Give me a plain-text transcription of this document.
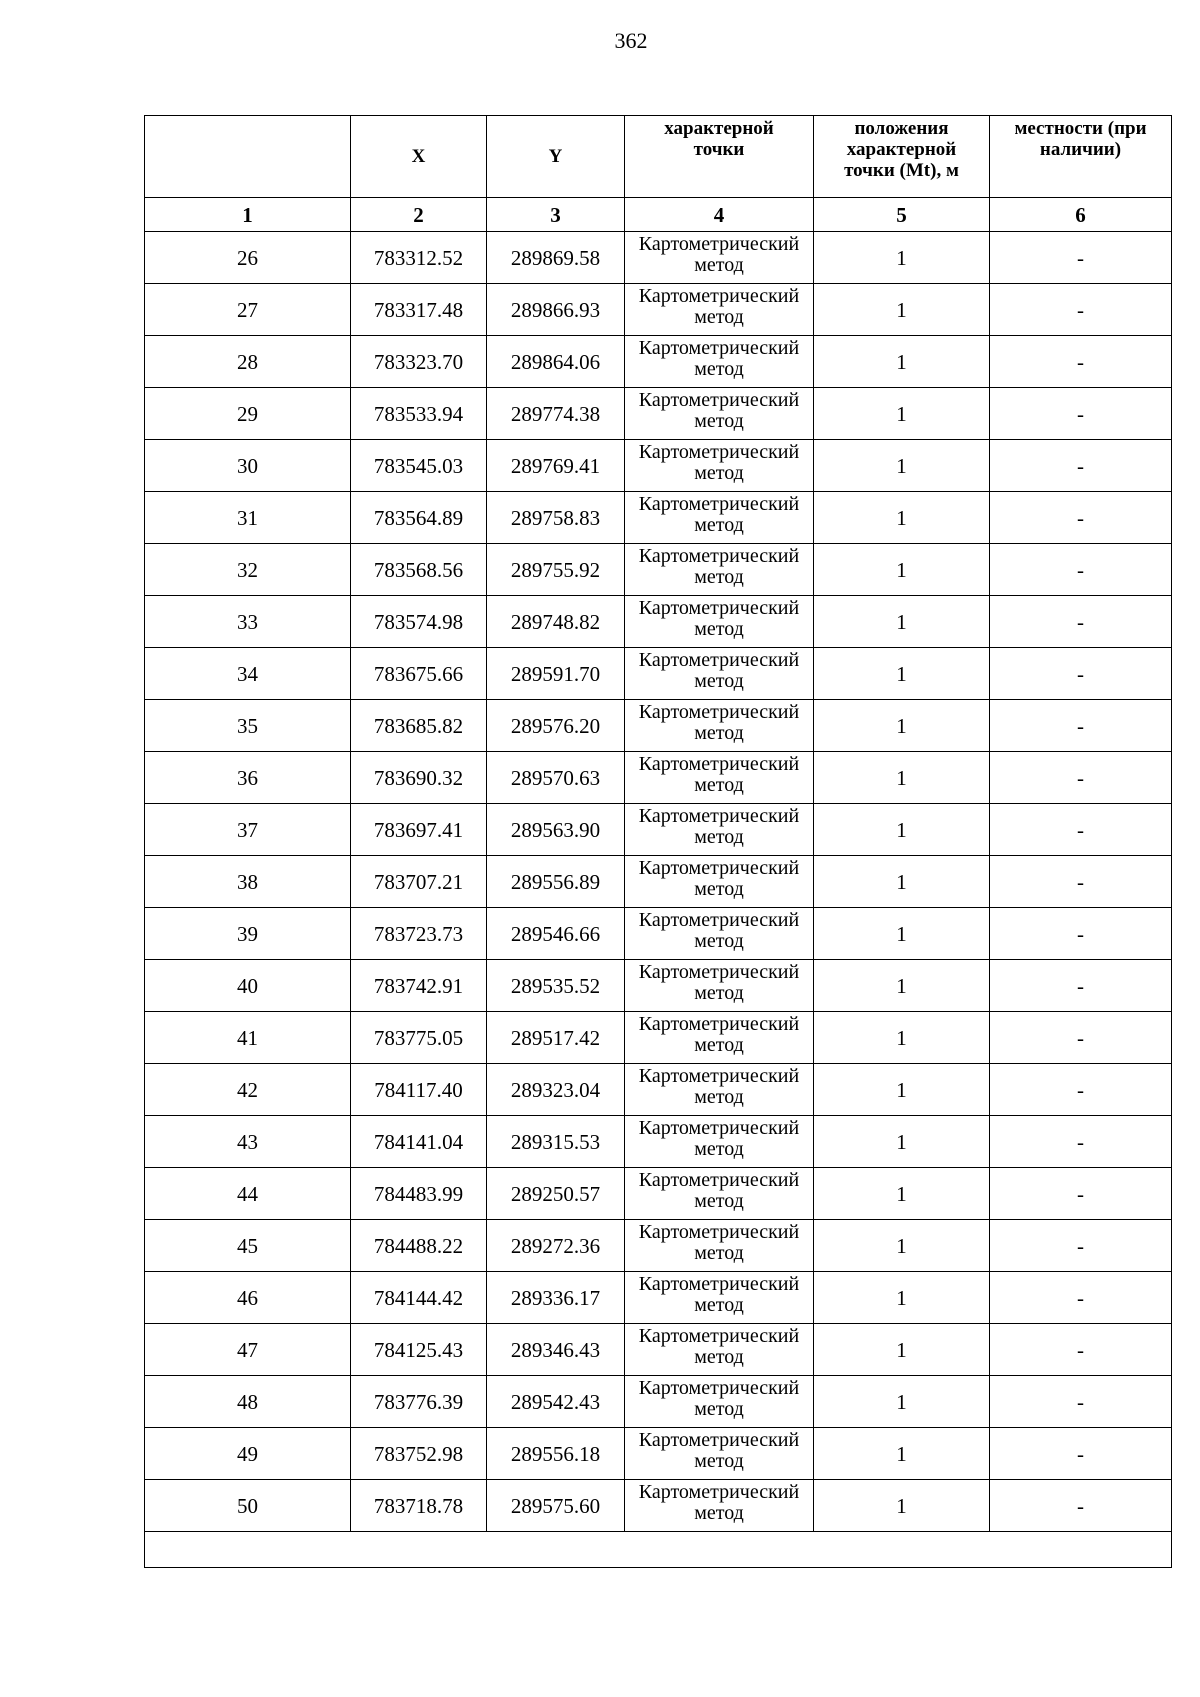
362
	X	Y	характерной
точки	положения
характерной
точки (Mt), м	местности (при
наличии)
1	2	3	4	5	6
26	783312.52	289869.58	Картометрический
метод	1	-
27	783317.48	289866.93	Картометрический
метод	1	-
28	783323.70	289864.06	Картометрический
метод	1	-
29	783533.94	289774.38	Картометрический
метод	1	-
30	783545.03	289769.41	Картометрический
метод	1	-
31	783564.89	289758.83	Картометрический
метод	1	-
32	783568.56	289755.92	Картометрический
метод	1	-
33	783574.98	289748.82	Картометрический
метод	1	-
34	783675.66	289591.70	Картометрический
метод	1	-
35	783685.82	289576.20	Картометрический
метод	1	-
36	783690.32	289570.63	Картометрический
метод	1	-
37	783697.41	289563.90	Картометрический
метод	1	-
38	783707.21	289556.89	Картометрический
метод	1	-
39	783723.73	289546.66	Картометрический
метод	1	-
40	783742.91	289535.52	Картометрический
метод	1	-
41	783775.05	289517.42	Картометрический
метод	1	-
42	784117.40	289323.04	Картометрический
метод	1	-
43	784141.04	289315.53	Картометрический
метод	1	-
44	784483.99	289250.57	Картометрический
метод	1	-
45	784488.22	289272.36	Картометрический
метод	1	-
46	784144.42	289336.17	Картометрический
метод	1	-
47	784125.43	289346.43	Картометрический
метод	1	-
48	783776.39	289542.43	Картометрический
метод	1	-
49	783752.98	289556.18	Картометрический
метод	1	-
50	783718.78	289575.60	Картометрический
метод	1	-
